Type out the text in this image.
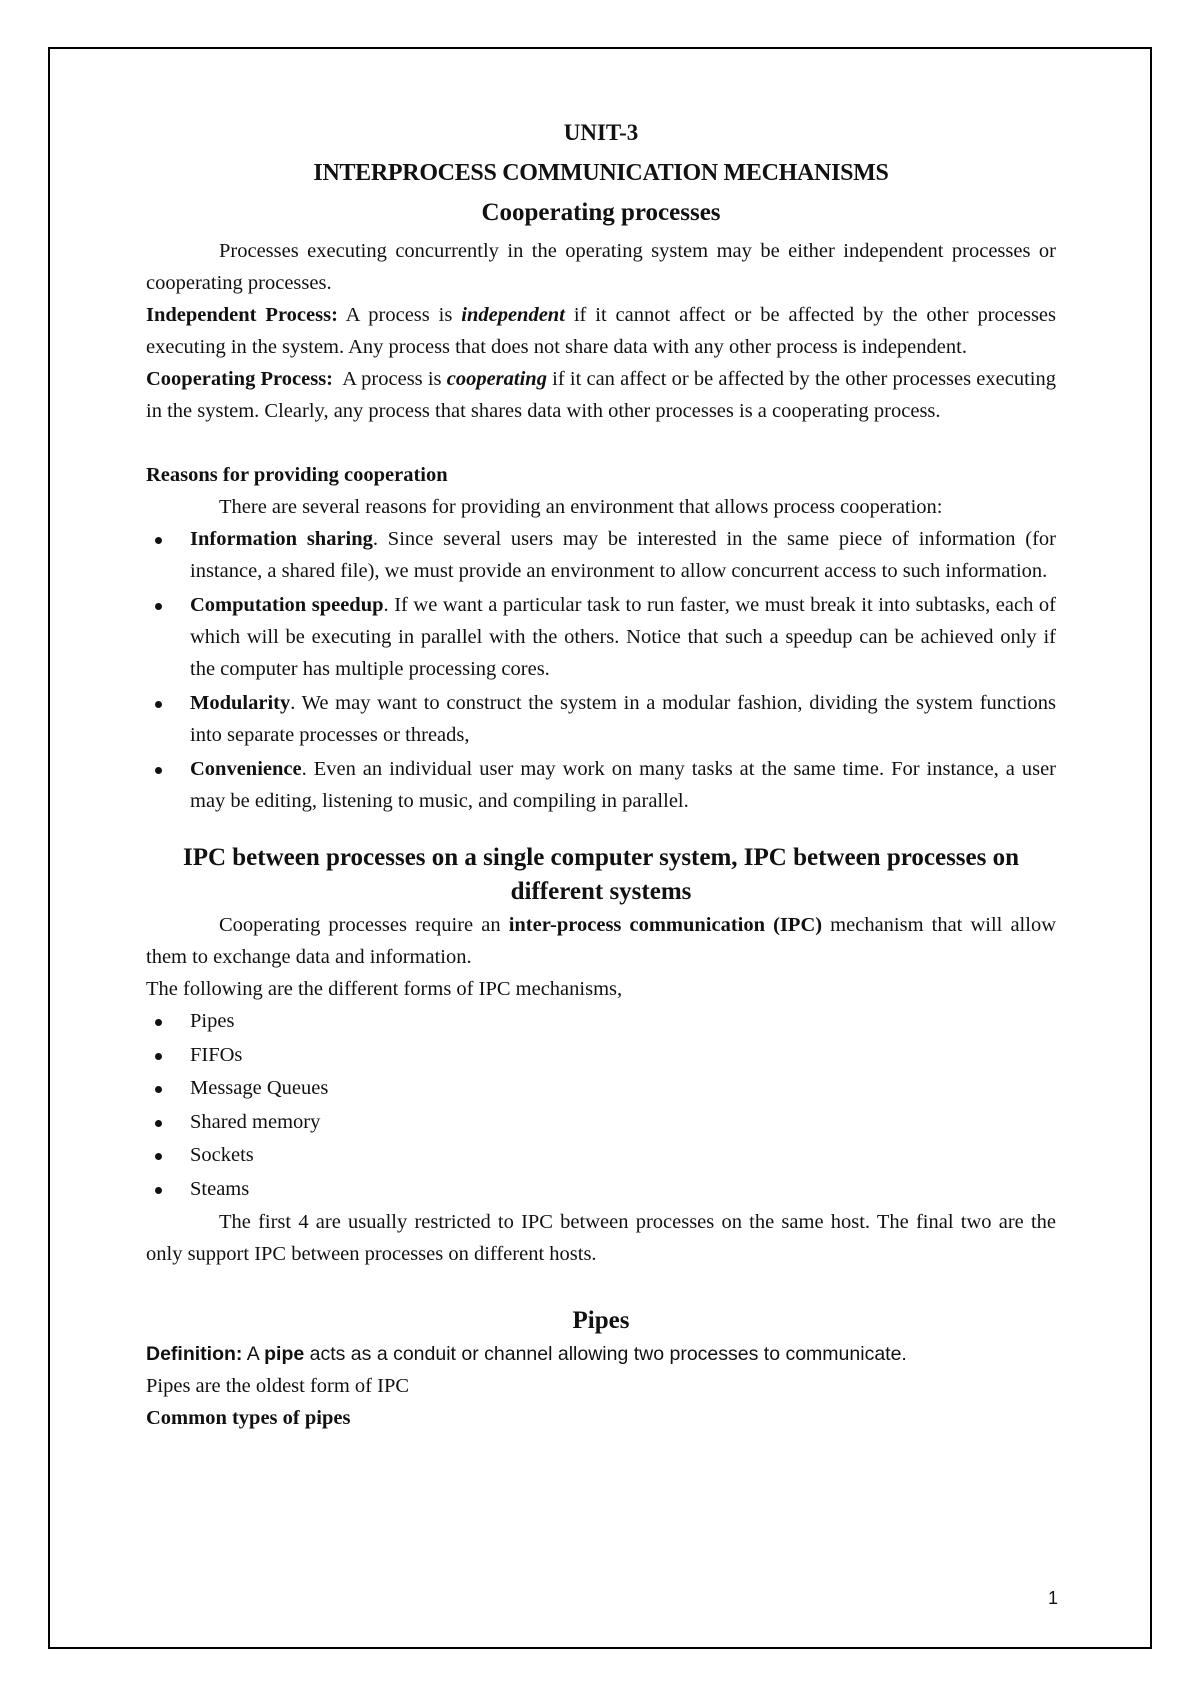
UNIT-3
INTERPROCESS COMMUNICATION MECHANISMS
Cooperating processes

Processes executing concurrently in the operating system may be either independent processes or cooperating processes.

Independent Process: A process is independent if it cannot affect or be affected by the other processes executing in the system. Any process that does not share data with any other process is independent.

Cooperating Process:  A process is cooperating if it can affect or be affected by the other processes executing in the system. Clearly, any process that shares data with other processes is a cooperating process.

Reasons for providing cooperation

There are several reasons for providing an environment that allows process cooperation:

Information sharing. Since several users may be interested in the same piece of information (for instance, a shared file), we must provide an environment to allow concurrent access to such information.
Computation speedup. If we want a particular task to run faster, we must break it into subtasks, each of which will be executing in parallel with the others. Notice that such a speedup can be achieved only if the computer has multiple processing cores.
Modularity. We may want to construct the system in a modular fashion, dividing the system functions into separate processes or threads,
Convenience. Even an individual user may work on many tasks at the same time. For instance, a user may be editing, listening to music, and compiling in parallel.
IPC between processes on a single computer system, IPC between processes on different systems

Cooperating processes require an inter-process communication (IPC) mechanism that will allow them to exchange data and information.

The following are the different forms of IPC mechanisms,

Pipes
FIFOs
Message Queues
Shared memory
Sockets
Steams

The first 4 are usually restricted to IPC between processes on the same host. The final two are the only support IPC between processes on different hosts.

Pipes

Definition: A pipe acts as a conduit or channel allowing two processes to communicate.

Pipes are the oldest form of IPC

Common types of pipes

1
